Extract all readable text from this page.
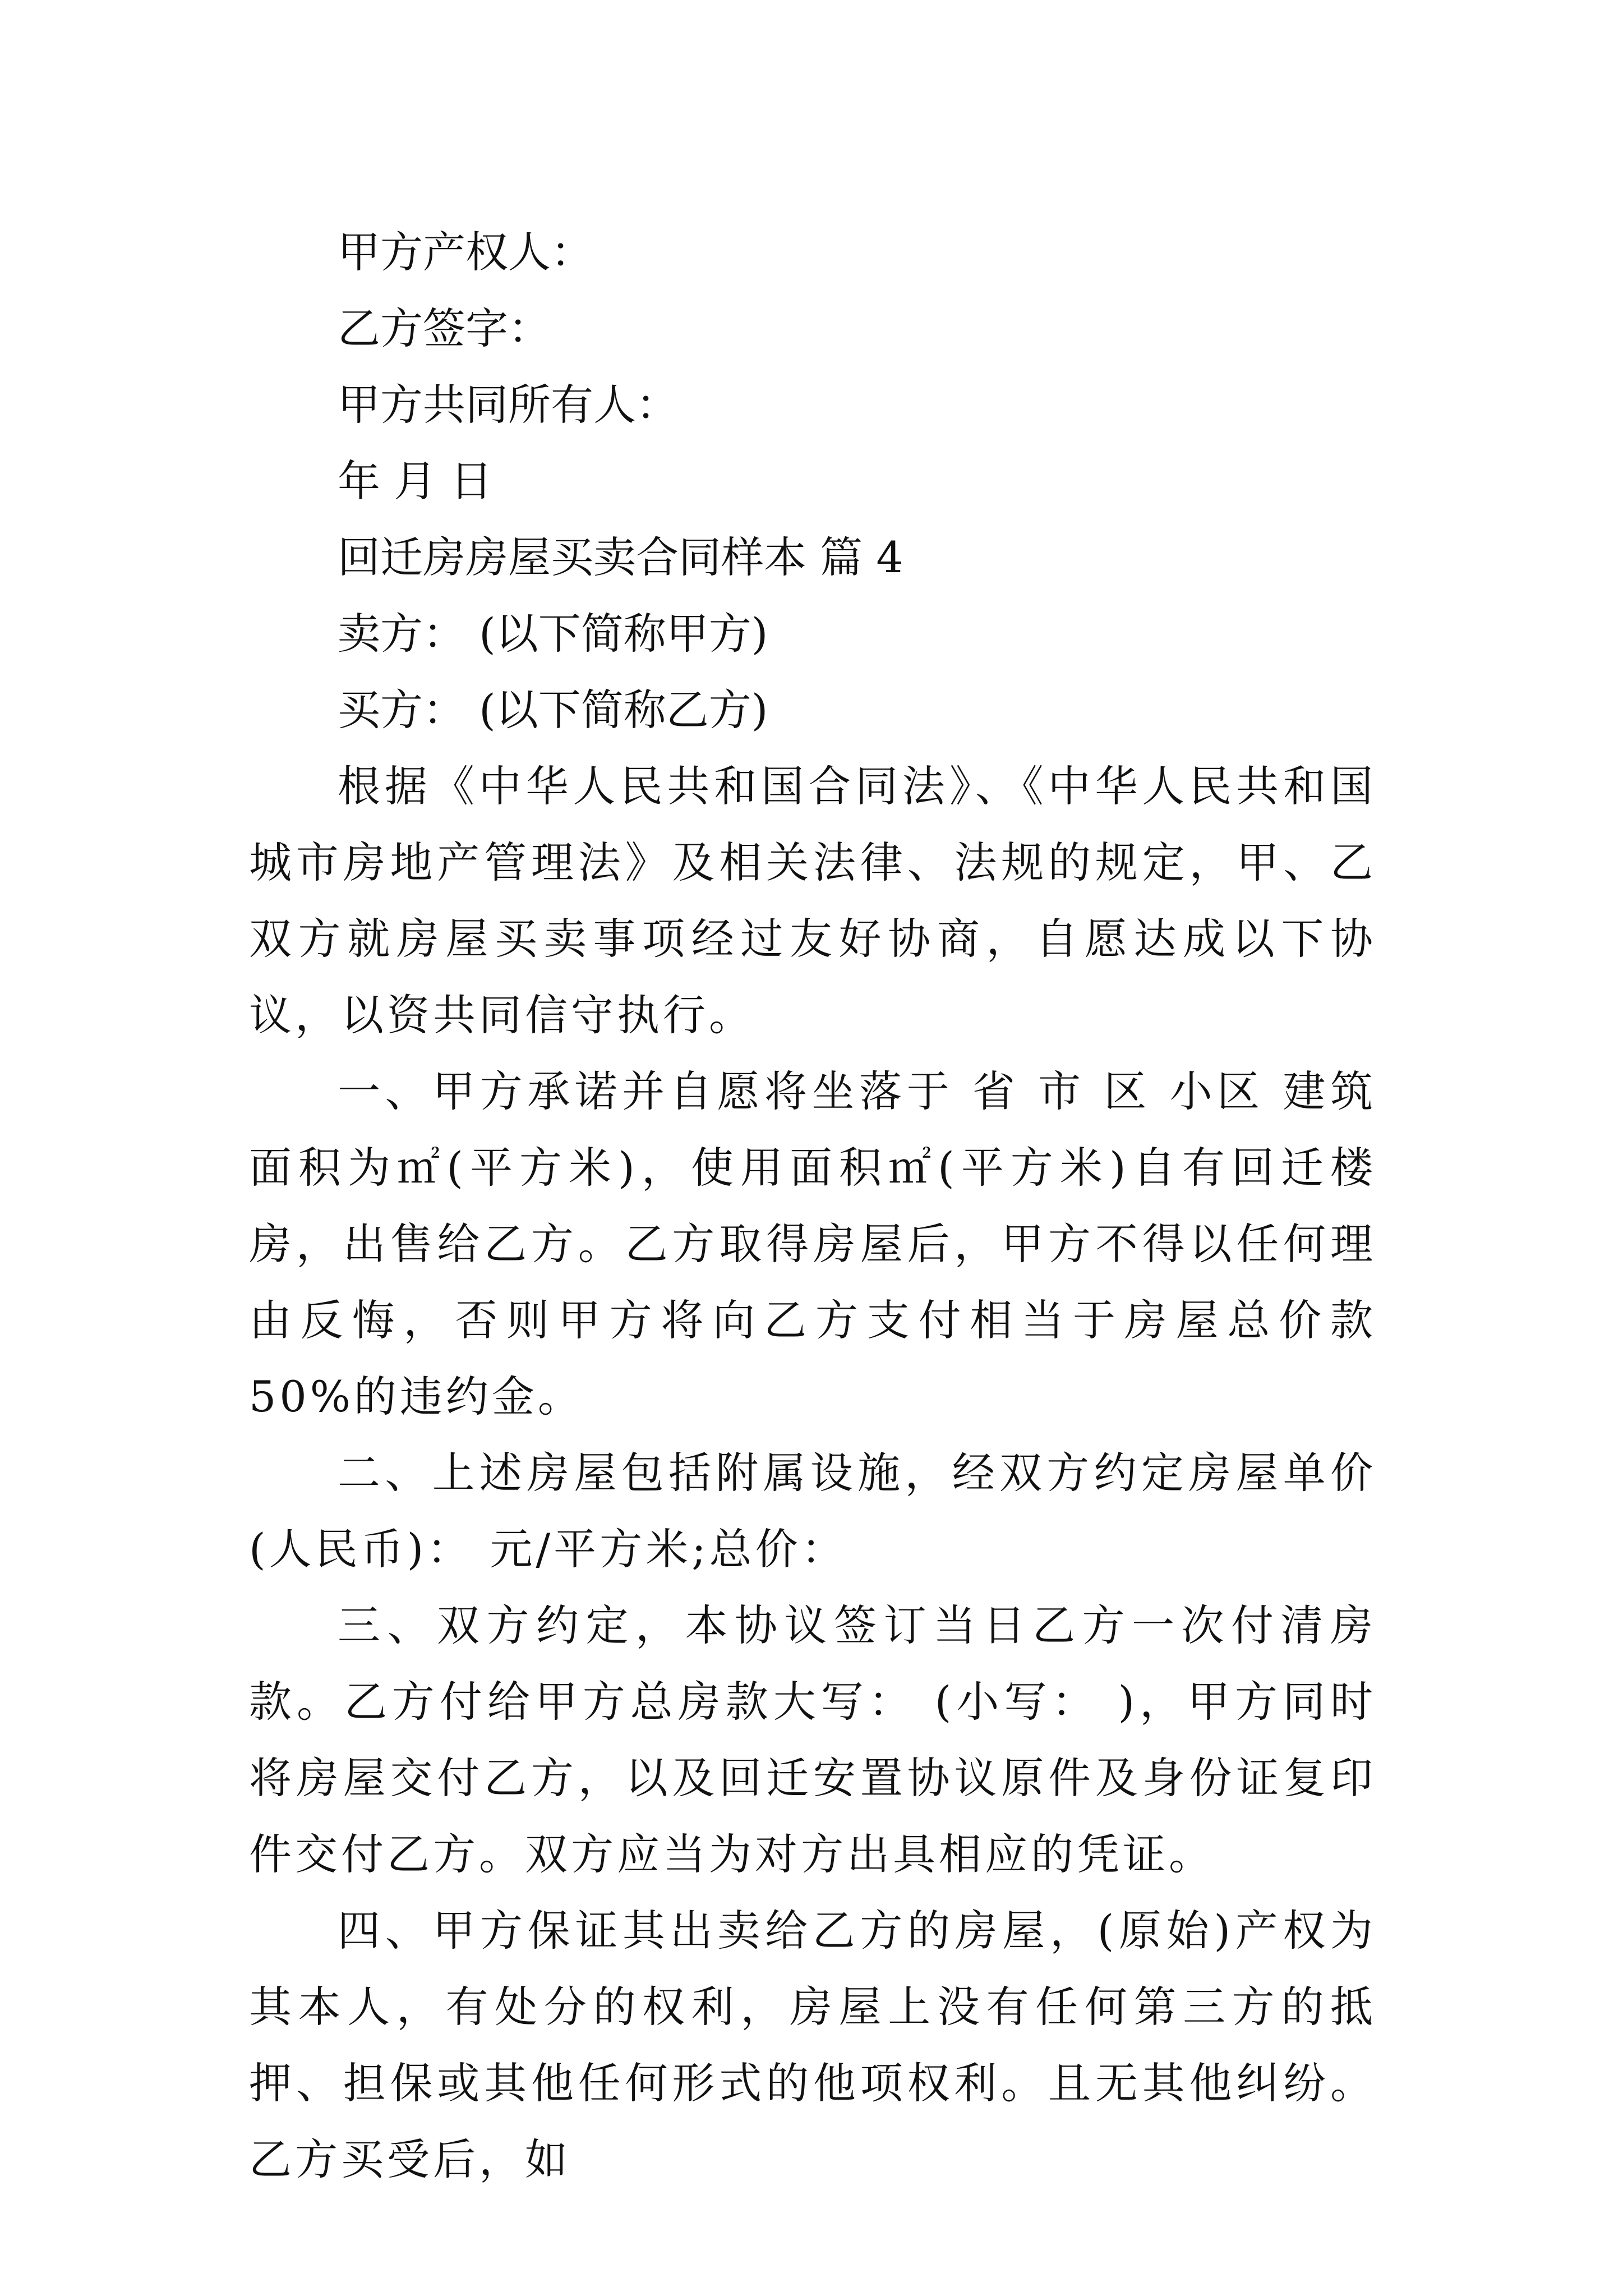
甲方产权人：

乙方签字：

甲方共同所有人：

年 月 日

回迁房房屋买卖合同样本 篇 4

卖方： (以下简称甲方)

买方： (以下简称乙方)

根据《中华人民共和国合同法》、《中华人民共和国城市房地产管理法》及相关法律、法规的规定，甲、乙双方就房屋买卖事项经过友好协商，自愿达成以下协议，以资共同信守执行。

一、甲方承诺并自愿将坐落于 省 市 区 小区 建筑面积为㎡(平方米)，使用面积㎡(平方米)自有回迁楼房，出售给乙方。乙方取得房屋后，甲方不得以任何理由反悔，否则甲方将向乙方支付相当于房屋总价款 50%的违约金。

二、上述房屋包括附属设施，经双方约定房屋单价(人民币)： 元/平方米;总价：

三、双方约定，本协议签订当日乙方一次付清房款。乙方付给甲方总房款大写： (小写： )，甲方同时将房屋交付乙方，以及回迁安置协议原件及身份证复印件交付乙方。双方应当为对方出具相应的凭证。

四、甲方保证其出卖给乙方的房屋，(原始)产权为其本人，有处分的权利，房屋上没有任何第三方的抵押、担保或其他任何形式的他项权利。且无其他纠纷。乙方买受后，如
